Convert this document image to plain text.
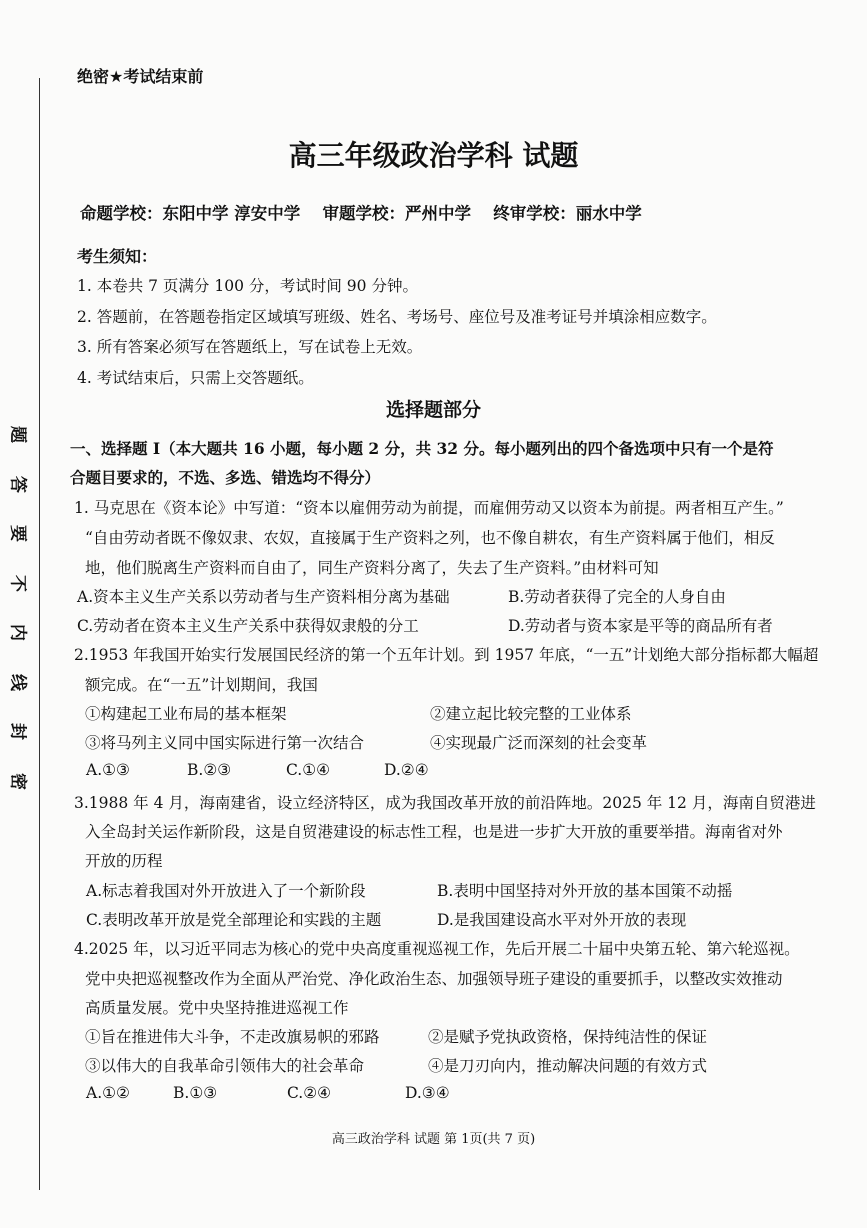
题
答
要
不
内
线
封
密
绝密★考试结束前
高三年级政治学科 试题
命题学校：东阳中学 淳安中学　 审题学校：严州中学　 终审学校：丽水中学
考生须知：
1. 本卷共 7 页满分 100 分，考试时间 90 分钟。
2. 答题前，在答题卷指定区域填写班级、姓名、考场号、座位号及准考证号并填涂相应数字。
3. 所有答案必须写在答题纸上，写在试卷上无效。
4. 考试结束后，只需上交答题纸。
选择题部分
一、选择题 I（本大题共 16 小题，每小题 2 分，共 32 分。每小题列出的四个备选项中只有一个是符
合题目要求的，不选、多选、错选均不得分）
1. 马克思在《资本论》中写道：“资本以雇佣劳动为前提，而雇佣劳动又以资本为前提。两者相互产生。”
“自由劳动者既不像奴隶、农奴，直接属于生产资料之列，也不像自耕农，有生产资料属于他们，相反
地，他们脱离生产资料而自由了，同生产资料分离了，失去了生产资料。”由材料可知
A.资本主义生产关系以劳动者与生产资料相分离为基础	B.劳动者获得了完全的人身自由
C.劳动者在资本主义生产关系中获得奴隶般的分工	D.劳动者与资本家是平等的商品所有者
2.1953 年我国开始实行发展国民经济的第一个五年计划。到 1957 年底，“一五”计划绝大部分指标都大幅超
额完成。在“一五”计划期间，我国
①构建起工业布局的基本框架	②建立起比较完整的工业体系
③将马列主义同中国实际进行第一次结合	④实现最广泛而深刻的社会变革
A.①③	B.②③	C.①④	D.②④
3.1988 年 4 月，海南建省，设立经济特区，成为我国改革开放的前沿阵地。2025 年 12 月，海南自贸港进
入全岛封关运作新阶段，这是自贸港建设的标志性工程，也是进一步扩大开放的重要举措。海南省对外
开放的历程
A.标志着我国对外开放进入了一个新阶段	B.表明中国坚持对外开放的基本国策不动摇
C.表明改革开放是党全部理论和实践的主题	D.是我国建设高水平对外开放的表现
4.2025 年，以习近平同志为核心的党中央高度重视巡视工作，先后开展二十届中央第五轮、第六轮巡视。
党中央把巡视整改作为全面从严治党、净化政治生态、加强领导班子建设的重要抓手，以整改实效推动
高质量发展。党中央坚持推进巡视工作
①旨在推进伟大斗争，不走改旗易帜的邪路	②是赋予党执政资格，保持纯洁性的保证
③以伟大的自我革命引领伟大的社会革命	④是刀刃向内，推动解决问题的有效方式
A.①②	B.①③	C.②④	D.③④
高三政治学科 试题 第 1页(共 7 页)
